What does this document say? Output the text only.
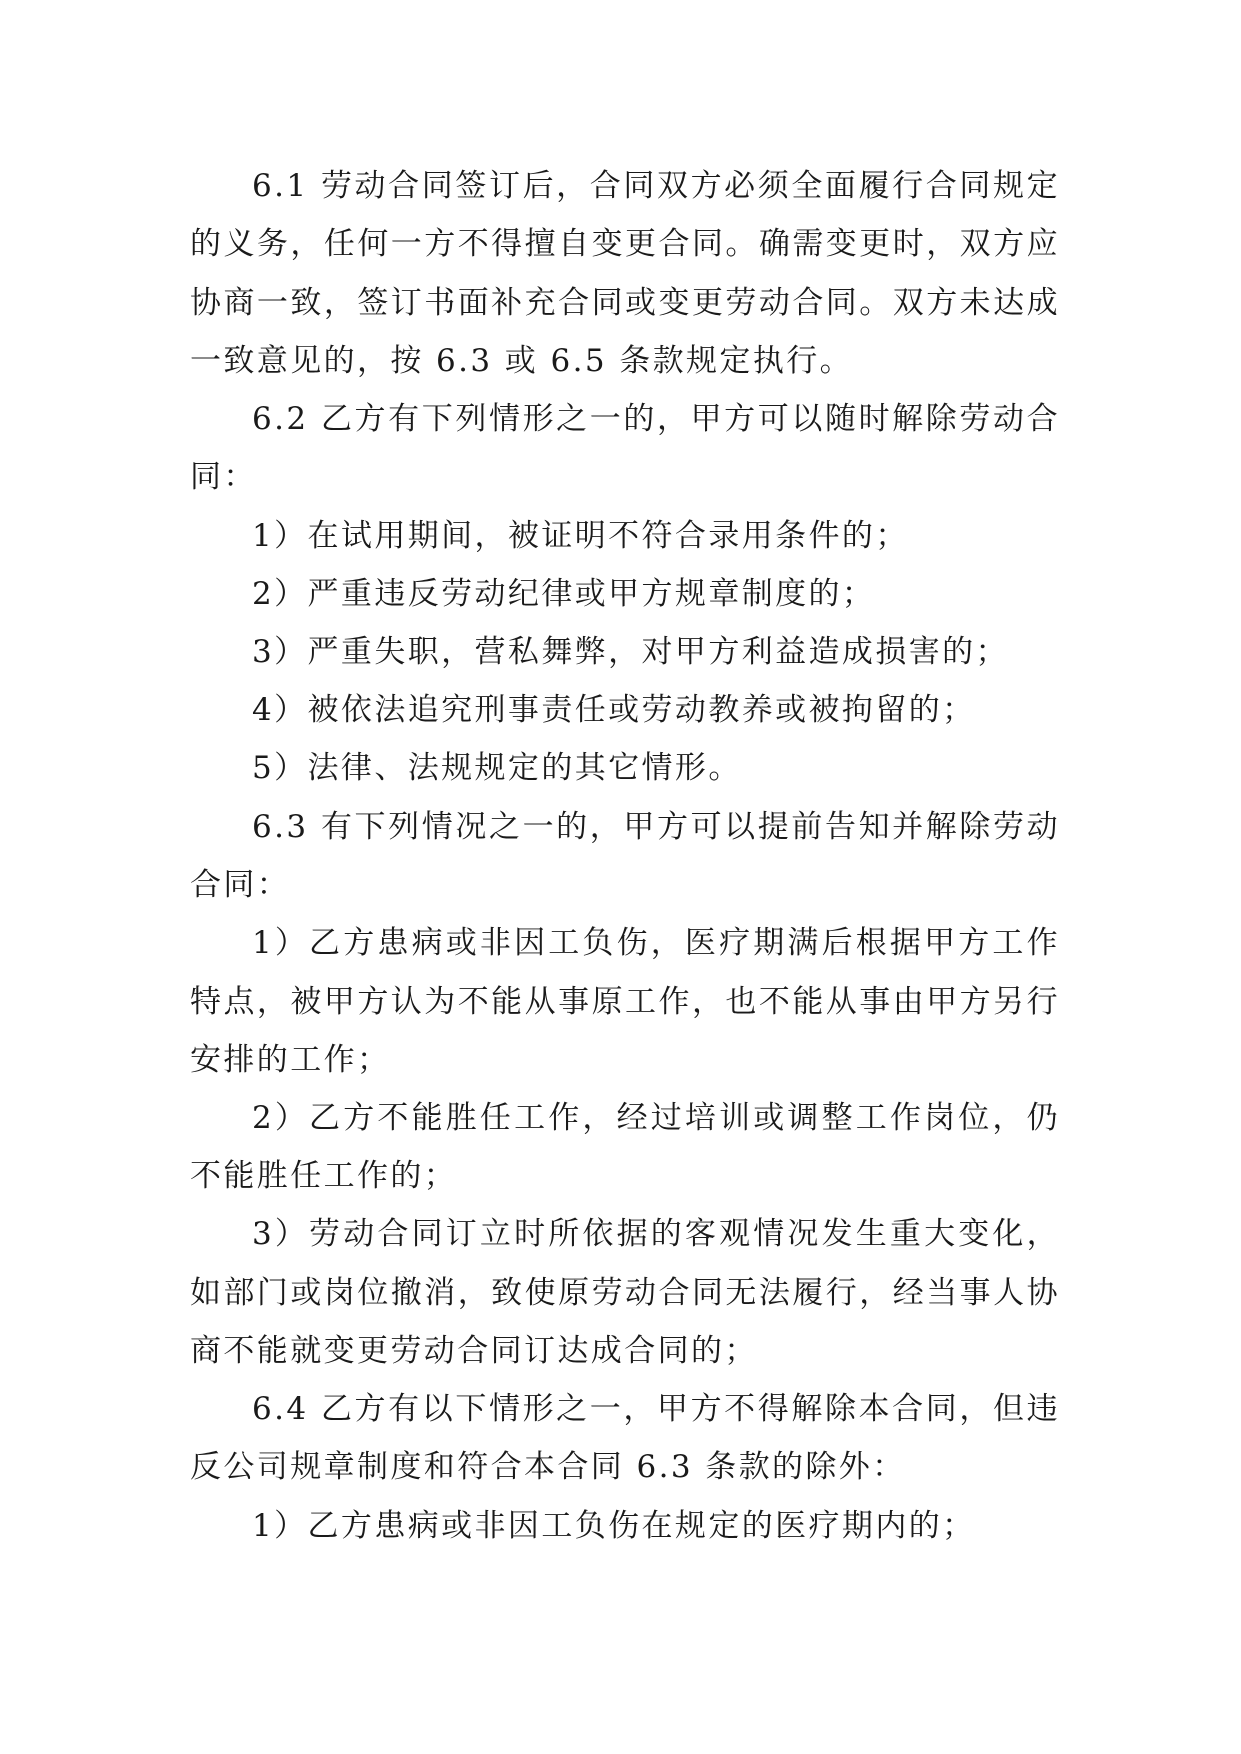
6.1 劳动合同签订后，合同双方必须全面履行合同规定

的义务，任何一方不得擅自变更合同。确需变更时，双方应

协商一致，签订书面补充合同或变更劳动合同。双方未达成

一致意见的，按 6.3 或 6.5 条款规定执行。

6.2 乙方有下列情形之一的，甲方可以随时解除劳动合

同：

1）在试用期间，被证明不符合录用条件的；

2）严重违反劳动纪律或甲方规章制度的；

3）严重失职，营私舞弊，对甲方利益造成损害的；

4）被依法追究刑事责任或劳动教养或被拘留的；

5）法律、法规规定的其它情形。

6.3 有下列情况之一的，甲方可以提前告知并解除劳动

合同：

1）乙方患病或非因工负伤，医疗期满后根据甲方工作

特点，被甲方认为不能从事原工作，也不能从事由甲方另行

安排的工作；

2）乙方不能胜任工作，经过培训或调整工作岗位，仍

不能胜任工作的；

3）劳动合同订立时所依据的客观情况发生重大变化，

如部门或岗位撤消，致使原劳动合同无法履行，经当事人协

商不能就变更劳动合同订达成合同的；

6.4 乙方有以下情形之一，甲方不得解除本合同，但违

反公司规章制度和符合本合同 6.3 条款的除外：

1）乙方患病或非因工负伤在规定的医疗期内的；
